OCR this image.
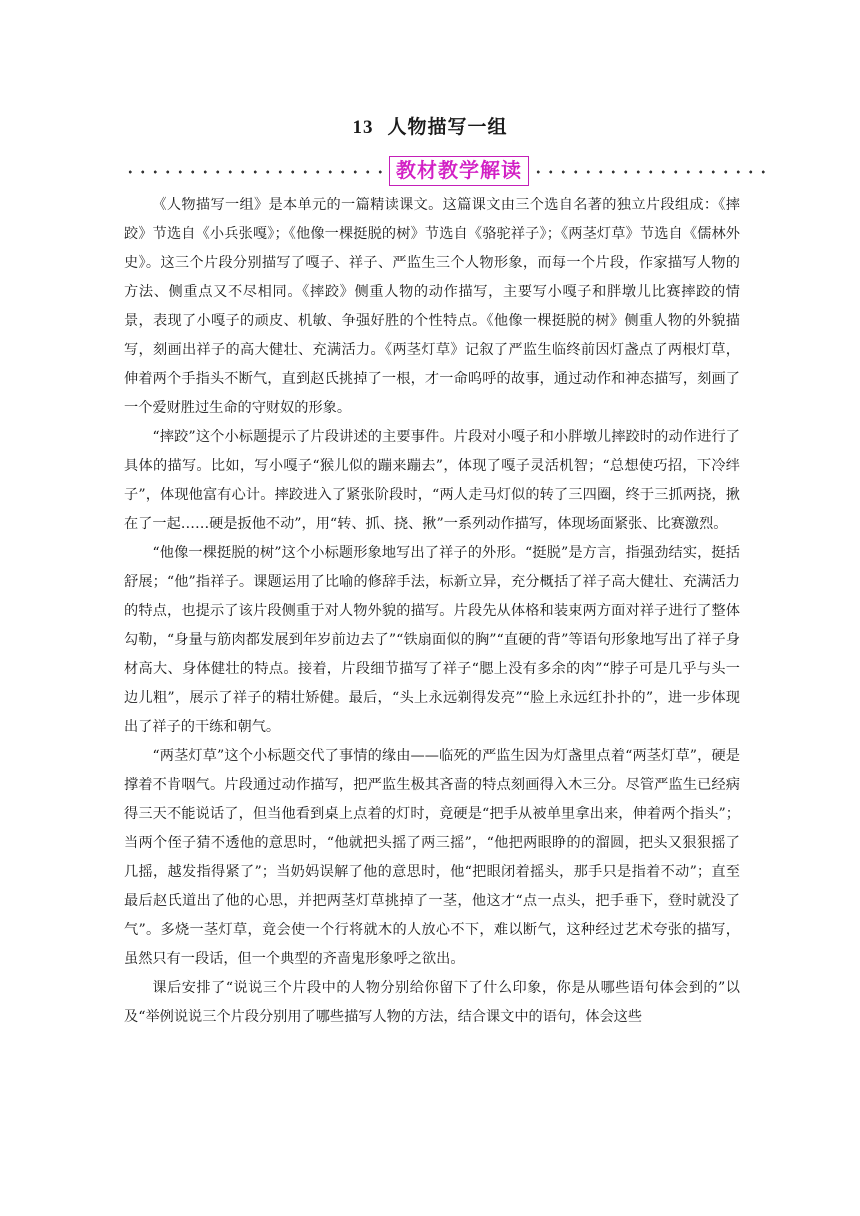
13 人物描写一组
教材教学解读

《人物描写一组》是本单元的一篇精读课文。这篇课文由三个选自名著的独立片段组成：《摔跤》节选自《小兵张嘎》；《他像一棵挺脱的树》节选自《骆驼祥子》；《两茎灯草》节选自《儒林外史》。这三个片段分别描写了嘎子、祥子、严监生三个人物形象，而每一个片段，作家描写人物的方法、侧重点又不尽相同。《摔跤》侧重人物的动作描写，主要写小嘎子和胖墩儿比赛摔跤的情景，表现了小嘎子的顽皮、机敏、争强好胜的个性特点。《他像一棵挺脱的树》侧重人物的外貌描写，刻画出祥子的高大健壮、充满活力。《两茎灯草》记叙了严监生临终前因灯盏点了两根灯草，伸着两个手指头不断气，直到赵氏挑掉了一根，才一命呜呼的故事，通过动作和神态描写，刻画了一个爱财胜过生命的守财奴的形象。

“摔跤”这个小标题提示了片段讲述的主要事件。片段对小嘎子和小胖墩儿摔跤时的动作进行了具体的描写。比如，写小嘎子“猴儿似的蹦来蹦去”，体现了嘎子灵活机智；“总想使巧招，下冷绊子”，体现他富有心计。摔跤进入了紧张阶段时，“两人走马灯似的转了三四圈，终于三抓两挠，揪在了一起……硬是扳他不动”，用“转、抓、挠、揪”一系列动作描写，体现场面紧张、比赛激烈。

“他像一棵挺脱的树”这个小标题形象地写出了祥子的外形。“挺脱”是方言，指强劲结实，挺括舒展；“他”指祥子。课题运用了比喻的修辞手法，标新立异，充分概括了祥子高大健壮、充满活力的特点，也提示了该片段侧重于对人物外貌的描写。片段先从体格和装束两方面对祥子进行了整体勾勒，“身量与筋肉都发展到年岁前边去了”“铁扇面似的胸”“直硬的背”等语句形象地写出了祥子身材高大、身体健壮的特点。接着，片段细节描写了祥子“腮上没有多余的肉”“脖子可是几乎与头一边儿粗”，展示了祥子的精壮矫健。最后，“头上永远剃得发亮”“脸上永远红扑扑的”，进一步体现出了祥子的干练和朝气。

“两茎灯草”这个小标题交代了事情的缘由——临死的严监生因为灯盏里点着“两茎灯草”，硬是撑着不肯咽气。片段通过动作描写，把严监生极其吝啬的特点刻画得入木三分。尽管严监生已经病得三天不能说话了，但当他看到桌上点着的灯时，竟硬是“把手从被单里拿出来，伸着两个指头”；当两个侄子猜不透他的意思时，“他就把头摇了两三摇”，“他把两眼睁的的溜圆，把头又狠狠摇了几摇，越发指得紧了”；当奶妈误解了他的意思时，他“把眼闭着摇头，那手只是指着不动”；直至最后赵氏道出了他的心思，并把两茎灯草挑掉了一茎，他这才“点一点头，把手垂下，登时就没了气”。多烧一茎灯草，竟会使一个行将就木的人放心不下，难以断气，这种经过艺术夸张的描写，虽然只有一段话，但一个典型的齐啬鬼形象呼之欲出。

课后安排了“说说三个片段中的人物分别给你留下了什么印象，你是从哪些语句体会到的”以及“举例说说三个片段分别用了哪些描写人物的方法，结合课文中的语句，体会这些
